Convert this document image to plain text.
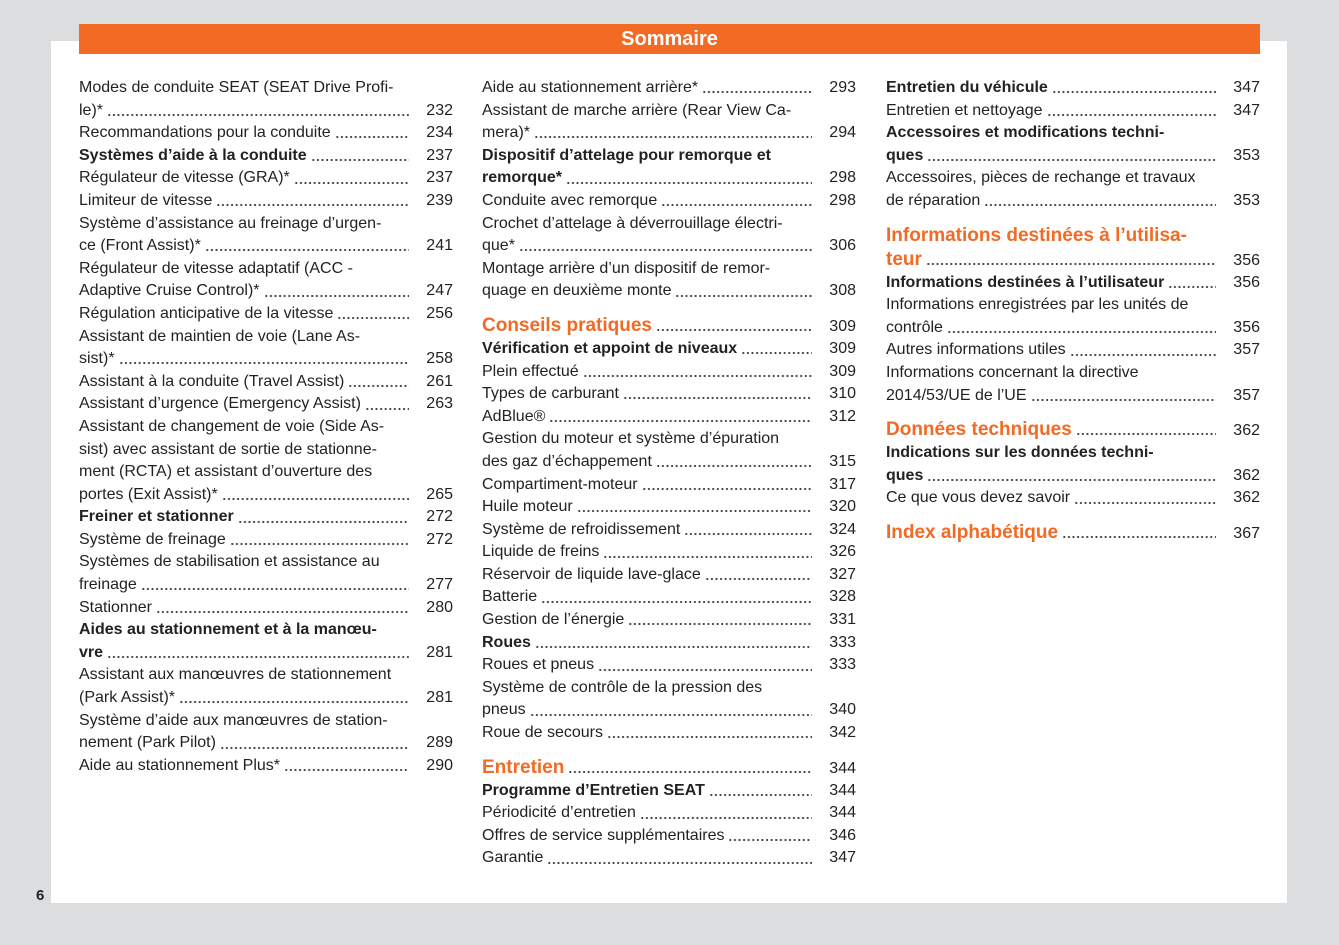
Sommaire
Modes de conduite SEAT (SEAT Drive Profi-
le)*	232
Recommandations pour la conduite	234
Systèmes d’aide à la conduite	237
Régulateur de vitesse (GRA)*	237
Limiteur de vitesse	239
Système d’assistance au freinage d’urgen-
ce (Front Assist)*	241
Régulateur de vitesse adaptatif (ACC -
Adaptive Cruise Control)*	247
Régulation anticipative de la vitesse	256
Assistant de maintien de voie (Lane As-
sist)*	258
Assistant à la conduite (Travel Assist)	261
Assistant d’urgence (Emergency Assist)	263
Assistant de changement de voie (Side As-
sist) avec assistant de sortie de stationne-
ment (RCTA) et assistant d’ouverture des
portes (Exit Assist)*	265
Freiner et stationner	272
Système de freinage	272
Systèmes de stabilisation et assistance au
freinage	277
Stationner	280
Aides au stationnement et à la manœu-
vre	281
Assistant aux manœuvres de stationnement
(Park Assist)*	281
Système d’aide aux manœuvres de station-
nement (Park Pilot)	289
Aide au stationnement Plus*	290
Aide au stationnement arrière*	293
Assistant de marche arrière (Rear View Ca-
mera)*	294
Dispositif d’attelage pour remorque et
remorque*	298
Conduite avec remorque	298
Crochet d’attelage à déverrouillage électri-
que*	306
Montage arrière d’un dispositif de remor-
quage en deuxième monte	308
Conseils pratiques	309
Vérification et appoint de niveaux	309
Plein effectué	309
Types de carburant	310
AdBlue®	312
Gestion du moteur et système d’épuration
des gaz d’échappement	315
Compartiment-moteur	317
Huile moteur	320
Système de refroidissement	324
Liquide de freins	326
Réservoir de liquide lave-glace	327
Batterie	328
Gestion de l’énergie	331
Roues	333
Roues et pneus	333
Système de contrôle de la pression des
pneus	340
Roue de secours	342
Entretien	344
Programme d’Entretien SEAT	344
Périodicité d’entretien	344
Offres de service supplémentaires	346
Garantie	347
Entretien du véhicule	347
Entretien et nettoyage	347
Accessoires et modifications techni-
ques	353
Accessoires, pièces de rechange et travaux
de réparation	353
Informations destinées à l’utilisa-
teur	356
Informations destinées à l’utilisateur	356
Informations enregistrées par les unités de
contrôle	356
Autres informations utiles	357
Informations concernant la directive
2014/53/UE de l’UE	357
Données techniques	362
Indications sur les données techni-
ques	362
Ce que vous devez savoir	362
Index alphabétique	367
6
